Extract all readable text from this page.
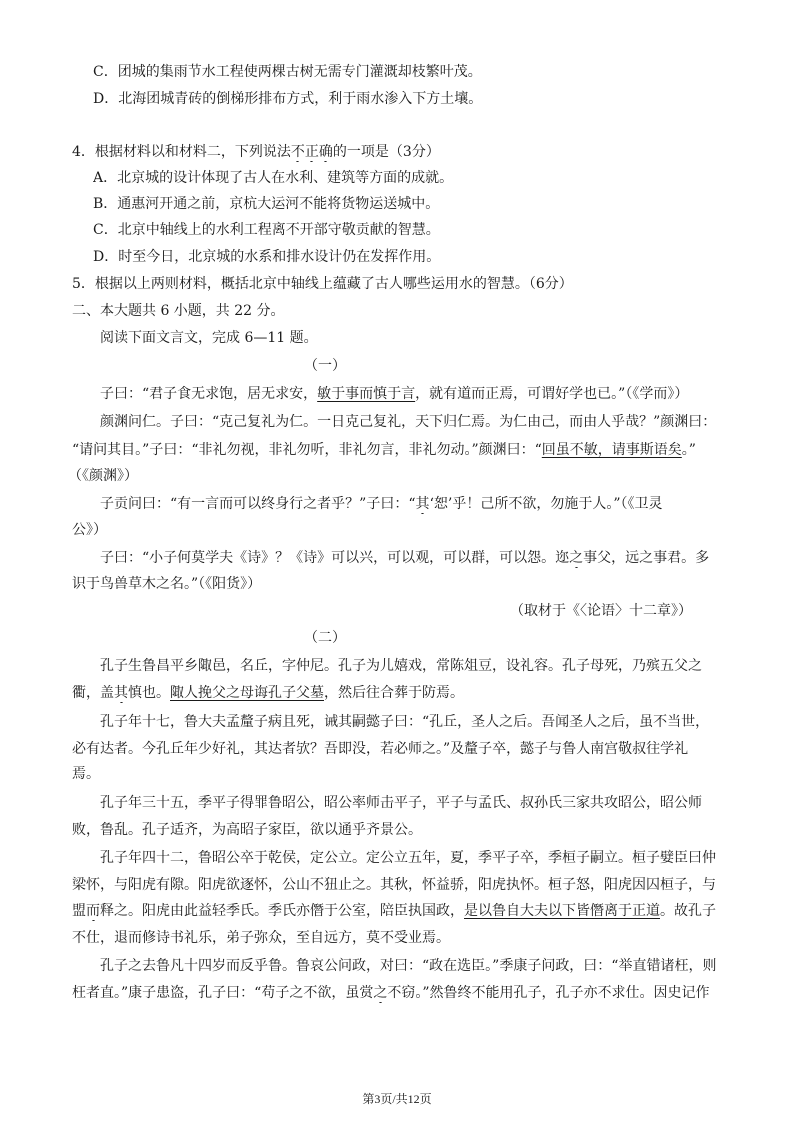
C．团城的集雨节水工程使两棵古树无需专门灌溉却枝繁叶茂。
D．北海团城青砖的倒梯形排布方式，利于雨水渗入下方土壤。
4．根据材料以和材料二，下列说法不正确的一项是（3分）
A．北京城的设计体现了古人在水利、建筑等方面的成就。
B．通惠河开通之前，京杭大运河不能将货物运送城中。
C．北京中轴线上的水利工程离不开部守敬贡献的智慧。
D．时至今日，北京城的水系和排水设计仍在发挥作用。
5．根据以上两则材料，概括北京中轴线上蕴藏了古人哪些运用水的智慧。（6分）
二、本大题共 6 小题，共 22 分。
阅读下面文言文，完成 6—11 题。
（一）
子曰：“君子食无求饱，居无求安，敏于事而慎于言，就有道而正焉，可谓好学也已。”（《学而》）
颜渊问仁。子曰：“克己复礼为仁。一日克己复礼，天下归仁焉。为仁由己，而由人乎哉？”颜渊曰：
“请问其目。”子曰：“非礼勿视，非礼勿听，非礼勿言，非礼勿动。”颜渊曰：“回虽不敏，请事斯语矣。”
（《颜渊》）
子贡问曰：“有一言而可以终身行之者乎？”子曰：“其‘恕’乎！己所不欲，勿施于人。”（《卫灵
公》）
子曰：“小子何莫学夫《诗》？《诗》可以兴，可以观，可以群，可以怨。迩之事父，远之事君。多
识于鸟兽草木之名。”（《阳货》）
（取材于《〈论语〉十二章》）
（二）
孔子生鲁昌平乡陬邑，名丘，字仲尼。孔子为儿嬉戏，常陈俎豆，设礼容。孔子母死，乃殡五父之
衢，盖其慎也。陬人挽父之母诲孔子父墓，然后往合葬于防焉。
孔子年十七，鲁大夫孟釐子病且死，诫其嗣懿子曰：“孔丘，圣人之后。吾闻圣人之后，虽不当世，
必有达者。今孔丘年少好礼，其达者欤？吾即没，若必师之。”及釐子卒，懿子与鲁人南宫敬叔往学礼
焉。
孔子年三十五，季平子得罪鲁昭公，昭公率师击平子，平子与孟氏、叔孙氏三家共攻昭公，昭公师
败，鲁乱。孔子适齐，为高昭子家臣，欲以通乎齐景公。
孔子年四十二，鲁昭公卒于乾侯，定公立。定公立五年，夏，季平子卒，季桓子嗣立。桓子嬖臣曰仲
梁怀，与阳虎有隙。阳虎欲逐怀，公山不狃止之。其秋，怀益骄，阳虎执怀。桓子怒，阳虎因囚桓子，与
盟而释之。阳虎由此益轻季氏。季氏亦僭于公室，陪臣执国政，是以鲁自大夫以下皆僭离于正道。故孔子
不仕，退而修诗书礼乐，弟子弥众，至自远方，莫不受业焉。
孔子之去鲁凡十四岁而反乎鲁。鲁哀公问政，对曰：“政在选臣。”季康子问政，曰：“举直错诸枉，则
枉者直。”康子患盗，孔子曰：“苟子之不欲，虽赏之不窃。”然鲁终不能用孔子，孔子亦不求仕。因史记作
第3页/共12页
